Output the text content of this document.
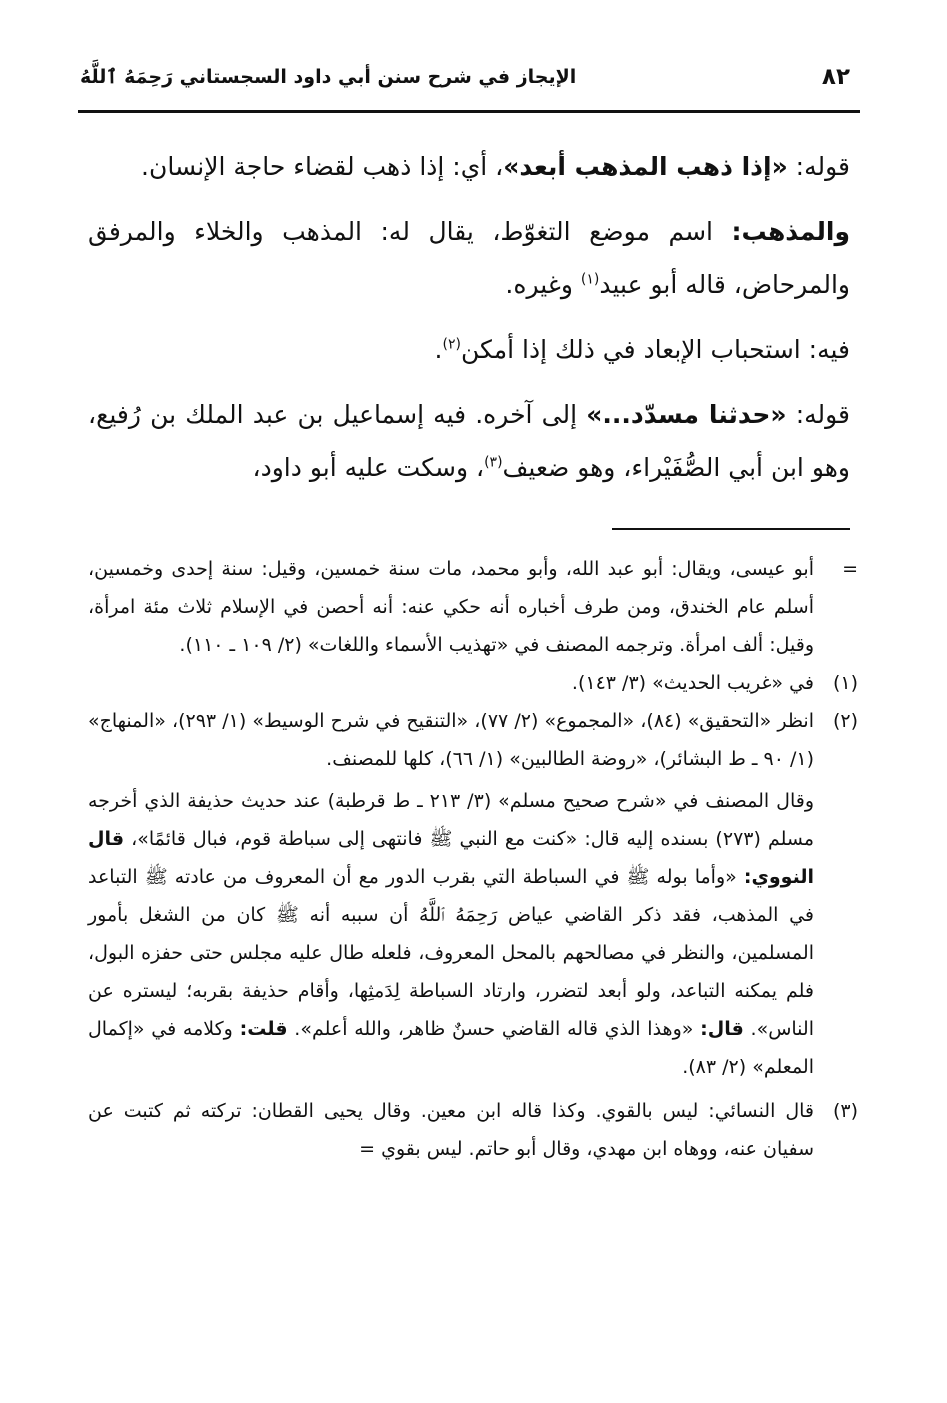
٨٢
الإيجاز في شرح سنن أبي داود السجستاني رَحِمَهُ ٱللَّهُ

قوله: «إذا ذهب المذهب أبعد»، أي: إذا ذهب لقضاء حاجة الإنسان.

والمذهب: اسم موضع التغوّط، يقال له: المذهب والخلاء والمرفق والمرحاض، قاله أبو عبيد$^{(١)}$ وغيره.

فيه: استحباب الإبعاد في ذلك إذا أمكن$^{(٢)}$.

قوله: «حدثنا مسدّد...» إلى آخره. فيه إسماعيل بن عبد الملك بن رُفيع، وهو ابن أبي الصُّفَيْراء، وهو ضعيف$^{(٣)}$، وسكت عليه أبو داود،

=
أبو عيسى، ويقال: أبو عبد الله، وأبو محمد، مات سنة خمسين، وقيل: سنة إحدى وخمسين، أسلم عام الخندق، ومن طرف أخباره أنه حكي عنه: أنه أحصن في الإسلام ثلاث مئة امرأة، وقيل: ألف امرأة. وترجمه المصنف في «تهذيب الأسماء واللغات» (٢/ ١٠٩ ـ ١١٠).
(١)
في «غريب الحديث» (٣/ ١٤٣).
(٢)
انظر «التحقيق» (٨٤)، «المجموع» (٢/ ٧٧)، «التنقيح في شرح الوسيط» (١/ ٢٩٣)، «المنهاج» (١/ ٩٠ ـ ط البشائر)، «روضة الطالبين» (١/ ٦٦)، كلها للمصنف.
وقال المصنف في «شرح صحيح مسلم» (٣/ ٢١٣ ـ ط قرطبة) عند حديث حذيفة الذي أخرجه مسلم (٢٧٣) بسنده إليه قال: «كنت مع النبي ﷺ فانتهى إلى سباطة قوم، فبال قائمًا»، قال النووي: «وأما بوله ﷺ في السباطة التي بقرب الدور مع أن المعروف من عادته ﷺ التباعد في المذهب، فقد ذكر القاضي عياض رَحِمَهُ ٱللَّهُ أن سببه أنه ﷺ كان من الشغل بأمور المسلمين، والنظر في مصالحهم بالمحل المعروف، فلعله طال عليه مجلس حتى حفزه البول، فلم يمكنه التباعد، ولو أبعد لتضرر، وارتاد السباطة لِدَمثِها، وأقام حذيفة بقربه؛ ليستره عن الناس». قال: «وهذا الذي قاله القاضي حسنٌ ظاهر، والله أعلم». قلت: وكلامه في «إكمال المعلم» (٢/ ٨٣).
(٣)
قال النسائي: ليس بالقوي. وكذا قاله ابن معين. وقال يحيى القطان: تركته ثم كتبت عن سفيان عنه، ووهاه ابن مهدي، وقال أبو حاتم. ليس بقوي =
